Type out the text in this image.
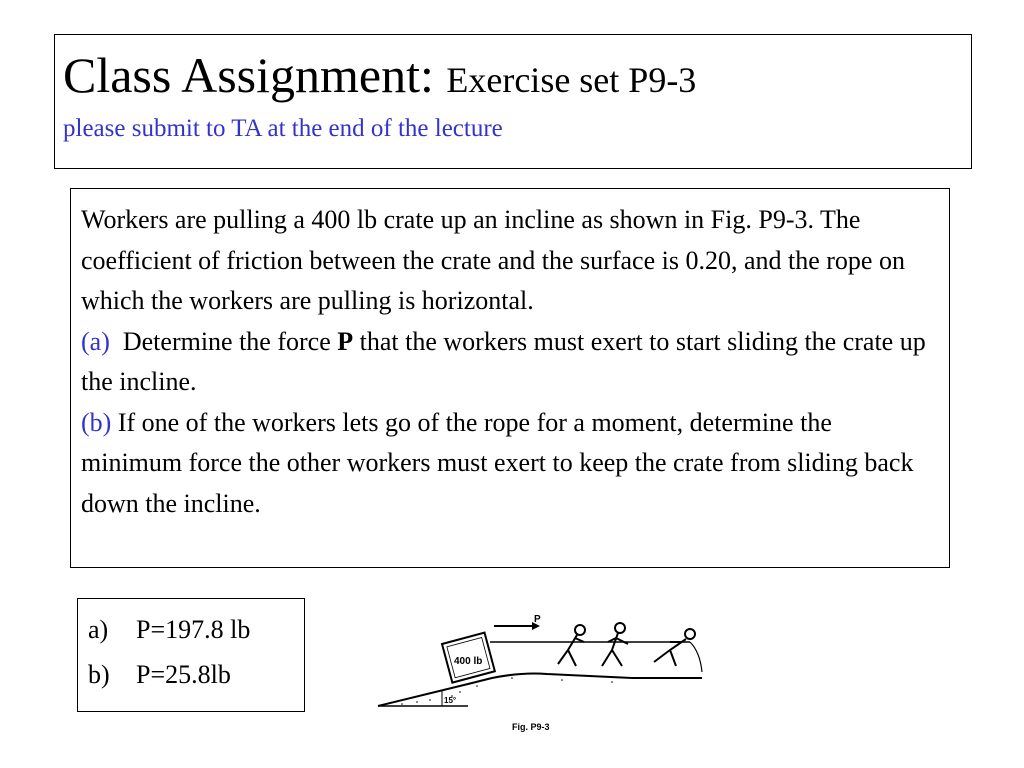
Class Assignment: Exercise set P9-3
please submit to TA at the end of the lecture

Workers are pulling a 400 lb crate up an incline as shown in Fig. P9-3. The coefficient of friction between the crate and the surface is 0.20, and the rope on which the workers are pulling is horizontal.

(a) Determine the force P that the workers must exert to start sliding the crate up the incline.

(b) If one of the workers lets go of the rope for a moment, determine the minimum force the other workers must exert to keep the crate from sliding back down the incline.

a) P=197.8 lb
b) P=25.8lb	400 lb
P
15°
Fig. P9-3
